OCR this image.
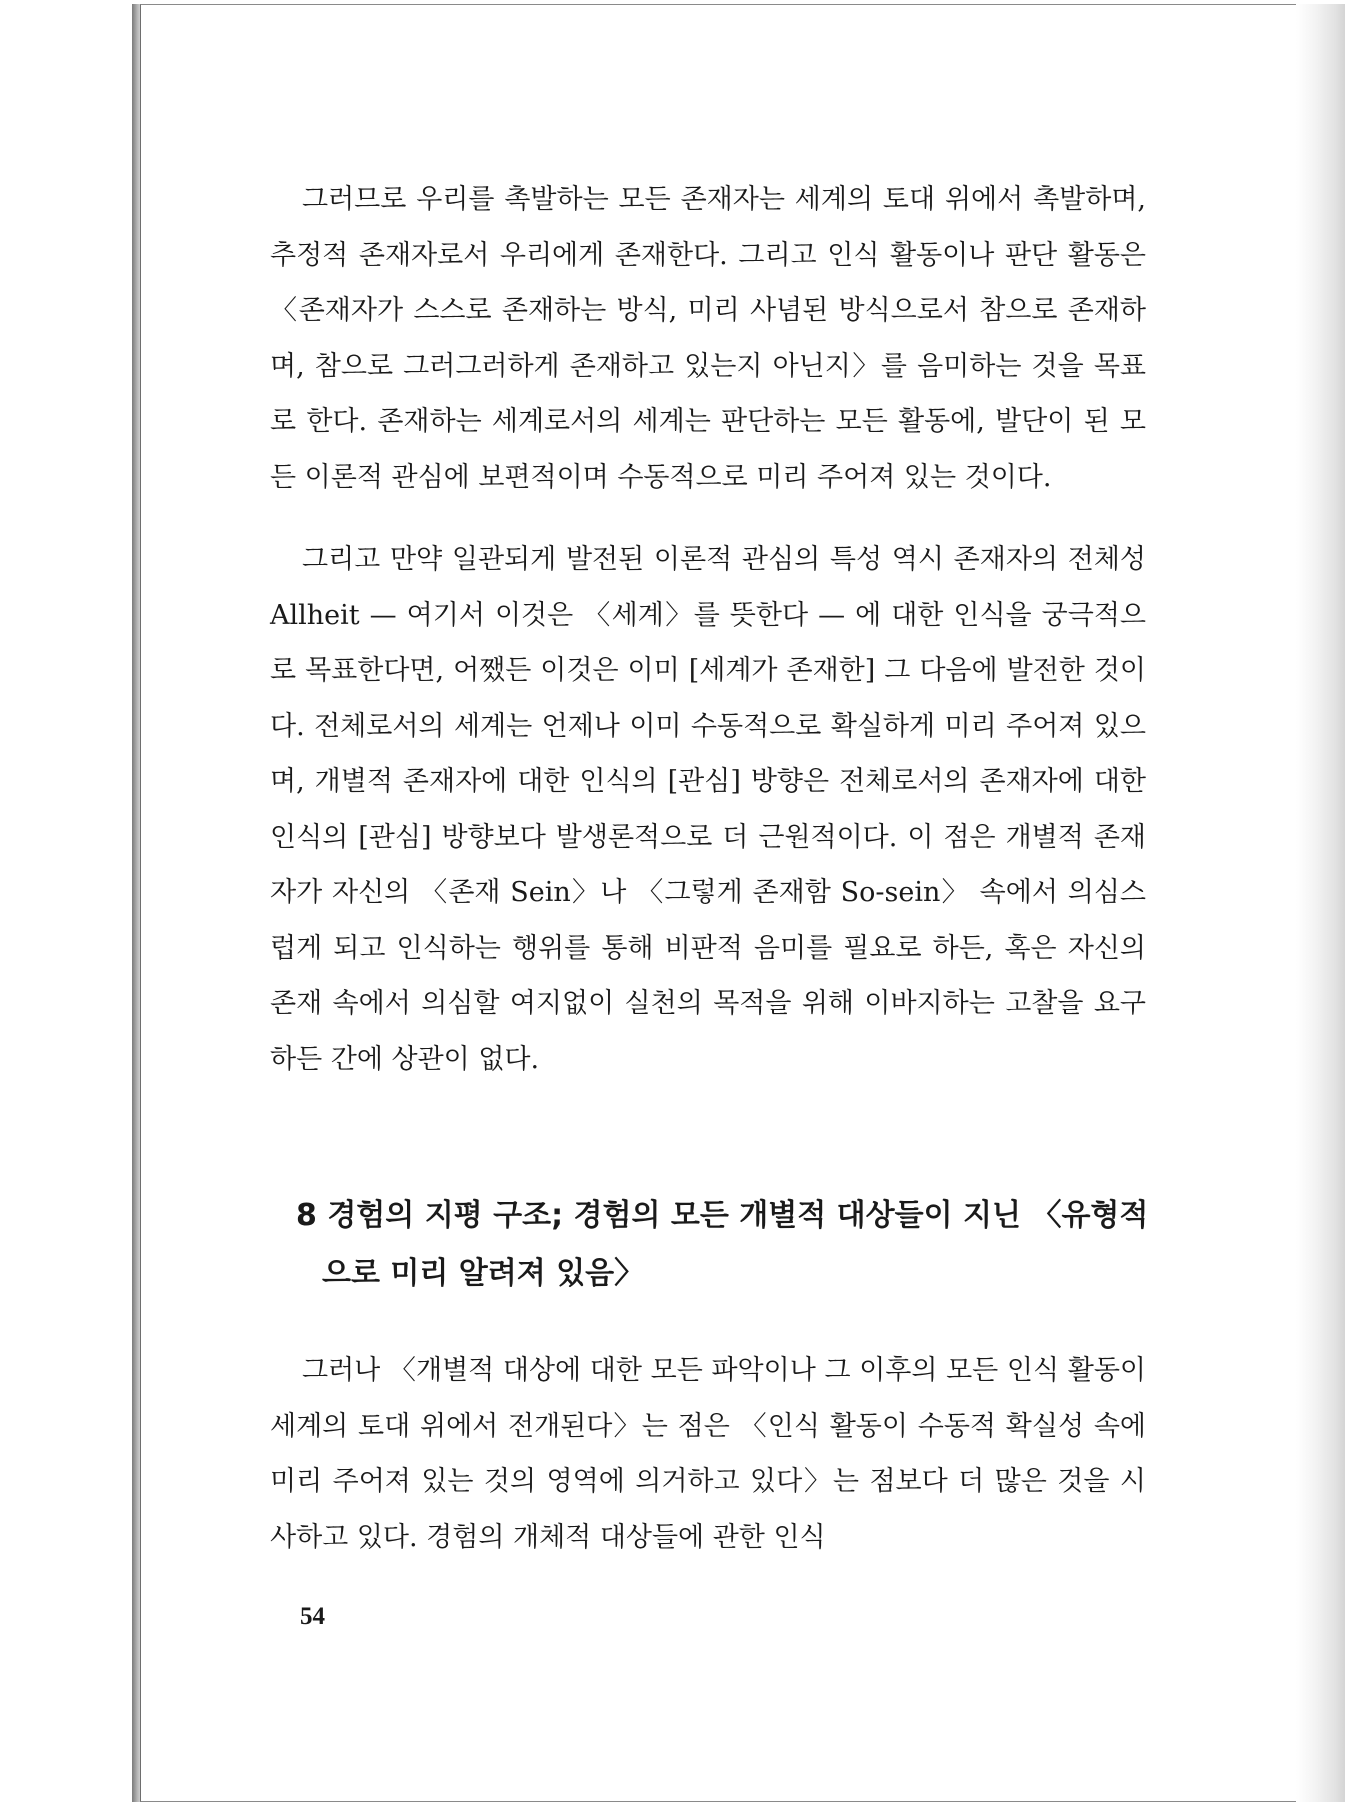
그러므로 우리를 촉발하는 모든 존재자는 세계의 토대 위에서 촉발하며, 추정적 존재자로서 우리에게 존재한다. 그리고 인식 활동이나 판단 활동은 〈존재자가 스스로 존재하는 방식, 미리 사념된 방식으로서 참으로 존재하며, 참으로 그러그러하게 존재하고 있는지 아닌지〉를 음미하는 것을 목표로 한다. 존재하는 세계로서의 세계는 판단하는 모든 활동에, 발단이 된 모든 이론적 관심에 보편적이며 수동적으로 미리 주어져 있는 것이다.

그리고 만약 일관되게 발전된 이론적 관심의 특성 역시 존재자의 전체성 Allheit — 여기서 이것은 〈세계〉를 뜻한다 — 에 대한 인식을 궁극적으로 목표한다면, 어쨌든 이것은 이미 [세계가 존재한] 그 다음에 발전한 것이다. 전체로서의 세계는 언제나 이미 수동적으로 확실하게 미리 주어져 있으며, 개별적 존재자에 대한 인식의 [관심] 방향은 전체로서의 존재자에 대한 인식의 [관심] 방향보다 발생론적으로 더 근원적이다. 이 점은 개별적 존재자가 자신의 〈존재 Sein〉나 〈그렇게 존재함 So-sein〉 속에서 의심스럽게 되고 인식하는 행위를 통해 비판적 음미를 필요로 하든, 혹은 자신의 존재 속에서 의심할 여지없이 실천의 목적을 위해 이바지하는 고찰을 요구하든 간에 상관이 없다.

8 경험의 지평 구조; 경험의 모든 개별적 대상들이 지닌 〈유형적으로 미리 알려져 있음〉

그러나 〈개별적 대상에 대한 모든 파악이나 그 이후의 모든 인식 활동이 세계의 토대 위에서 전개된다〉는 점은 〈인식 활동이 수동적 확실성 속에 미리 주어져 있는 것의 영역에 의거하고 있다〉는 점보다 더 많은 것을 시사하고 있다. 경험의 개체적 대상들에 관한 인식

54
